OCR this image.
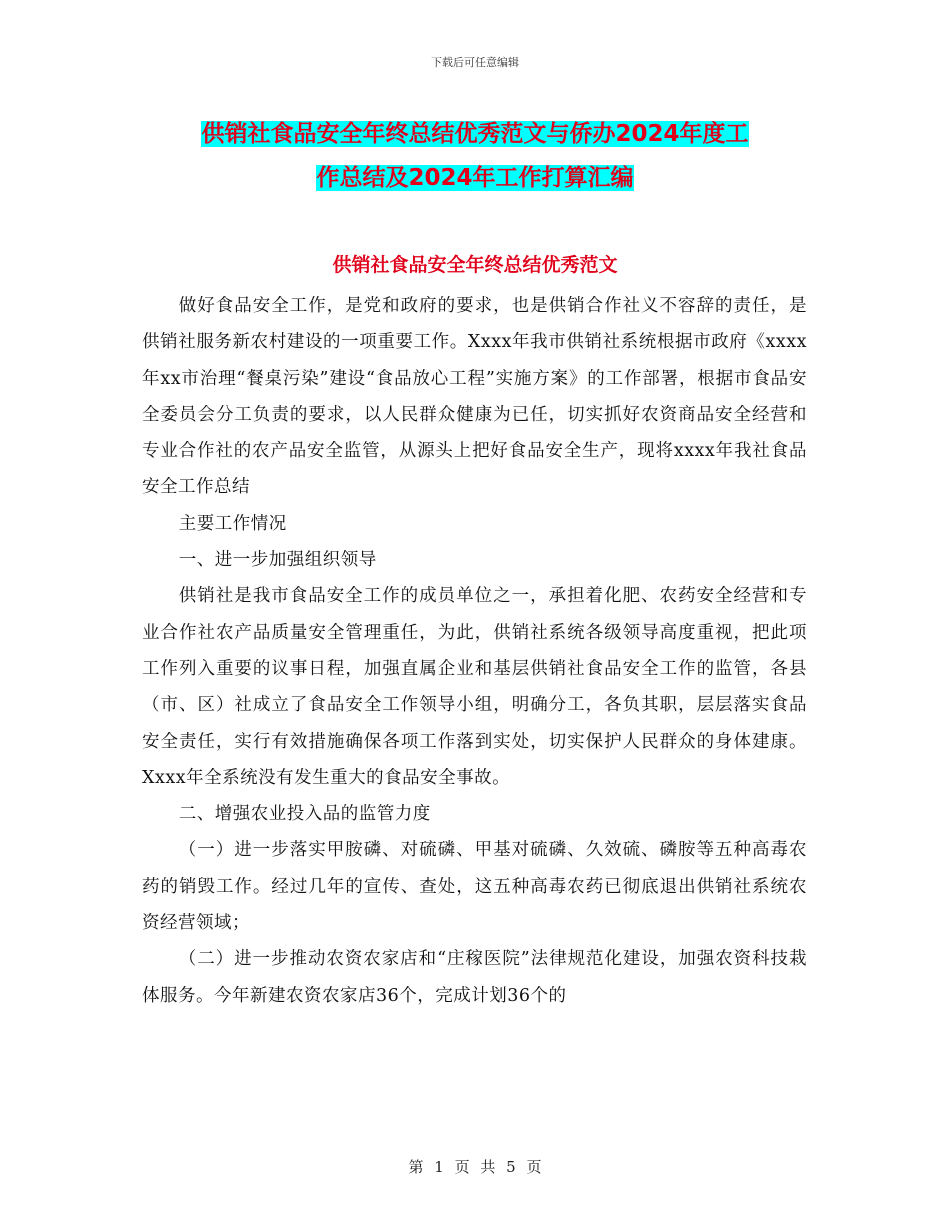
下载后可任意编辑
供销社食品安全年终总结优秀范文与侨办2024年度工
作总结及2024年工作打算汇编
供销社食品安全年终总结优秀范文

做好食品安全工作，是党和政府的要求，也是供销合作社义不容辞的责任，是供销社服务新农村建设的一项重要工作。Xxxx年我市供销社系统根据市政府《xxxx年xx市治理“餐桌污染”建设“食品放心工程”实施方案》的工作部署，根据市食品安全委员会分工负责的要求，以人民群众健康为已任，切实抓好农资商品安全经营和专业合作社的农产品安全监管，从源头上把好食品安全生产，现将xxxx年我社食品安全工作总结

主要工作情况

一、进一步加强组织领导

供销社是我市食品安全工作的成员单位之一，承担着化肥、农药安全经营和专业合作社农产品质量安全管理重任，为此，供销社系统各级领导高度重视，把此项工作列入重要的议事日程，加强直属企业和基层供销社食品安全工作的监管，各县（市、区）社成立了食品安全工作领导小组，明确分工，各负其职，层层落实食品安全责任，实行有效措施确保各项工作落到实处，切实保护人民群众的身体建康。Xxxx年全系统没有发生重大的食品安全事故。

二、增强农业投入品的监管力度

（一）进一步落实甲胺磷、对硫磷、甲基对硫磷、久效硫、磷胺等五种高毒农药的销毁工作。经过几年的宣传、查处，这五种高毒农药已彻底退出供销社系统农资经营领域；

（二）进一步推动农资农家店和“庄稼医院”法律规范化建设，加强农资科技栽体服务。今年新建农资农家店36个，完成计划36个的

第 1 页 共 5 页
